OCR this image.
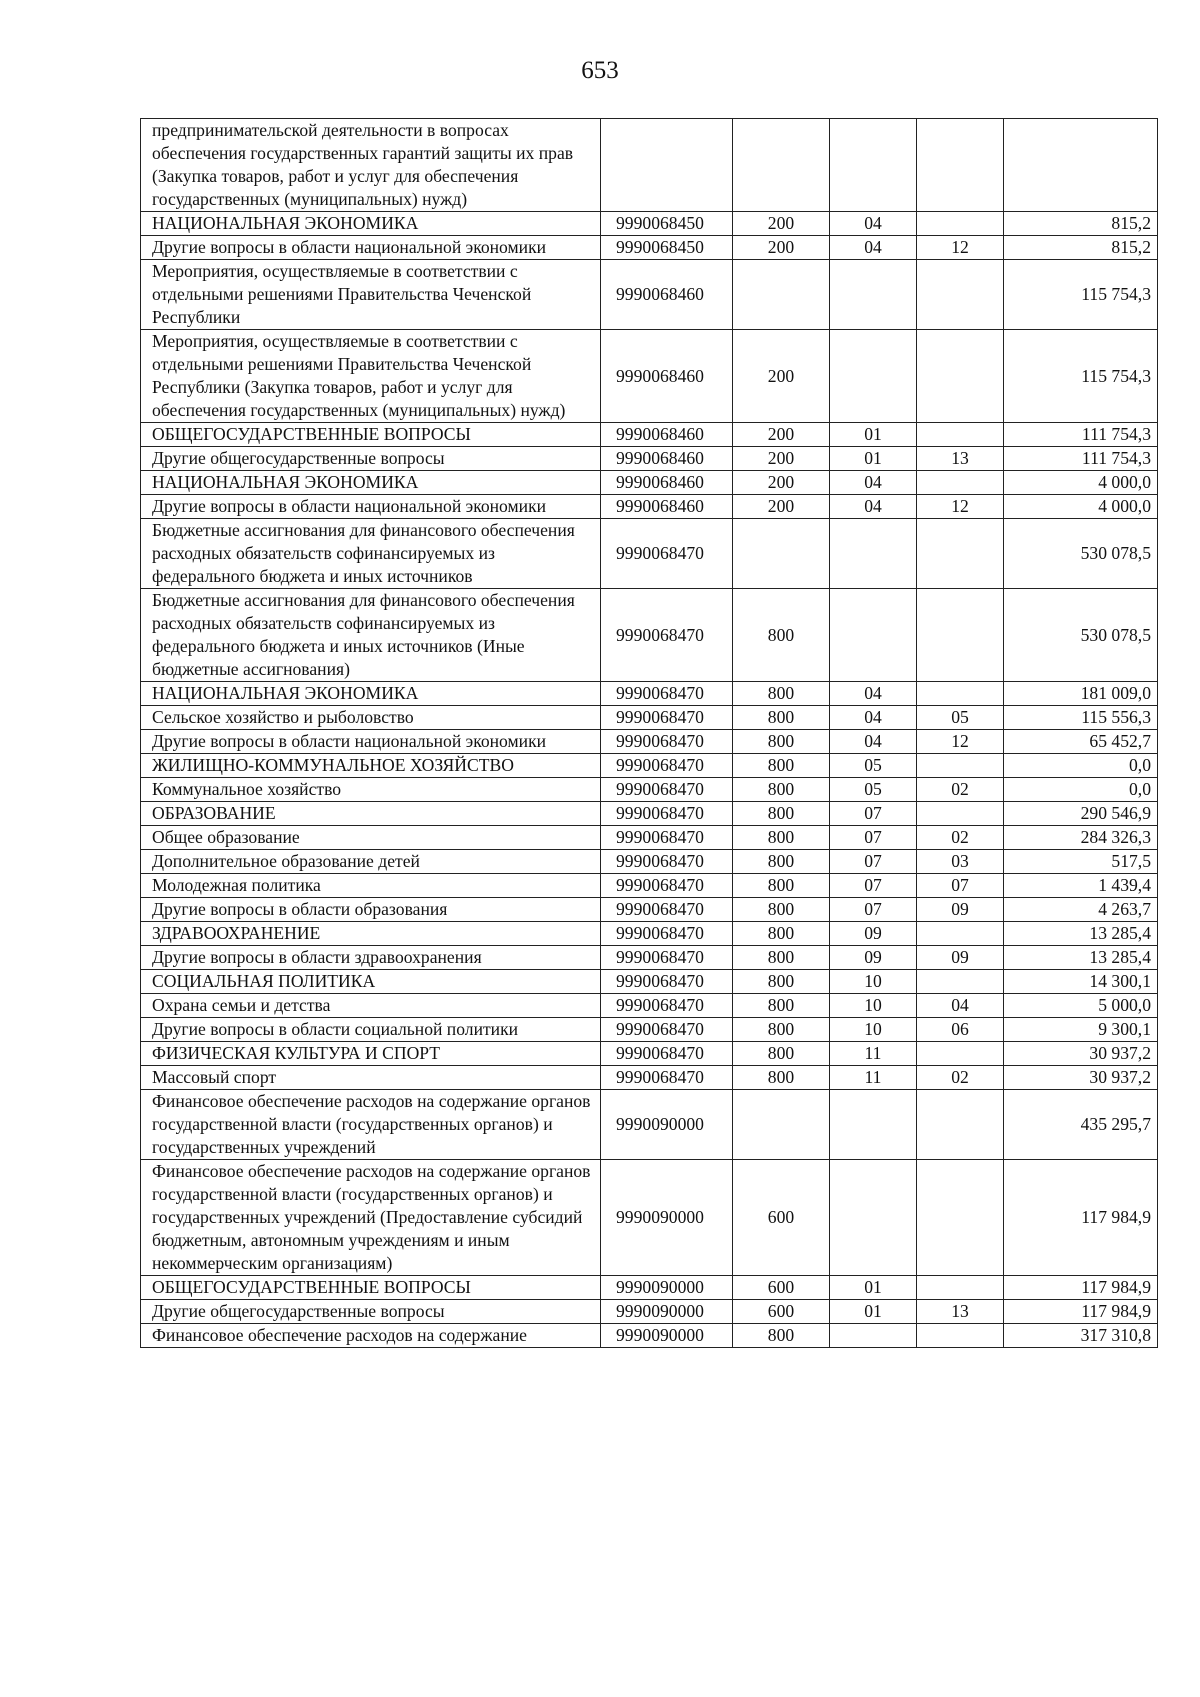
653
предпринимательской деятельности в вопросах обеспечения государственных гарантий защиты их прав (Закупка товаров, работ и услуг для обеспечения государственных (муниципальных) нужд)					
НАЦИОНАЛЬНАЯ ЭКОНОМИКА	9990068450	200	04		815,2
Другие вопросы в области национальной экономики	9990068450	200	04	12	815,2
Мероприятия, осуществляемые в соответствии с отдельными решениями Правительства Чеченской Республики	9990068460				115 754,3
Мероприятия, осуществляемые в соответствии с отдельными решениями Правительства Чеченской Республики (Закупка товаров, работ и услуг для обеспечения государственных (муниципальных) нужд)	9990068460	200			115 754,3
ОБЩЕГОСУДАРСТВЕННЫЕ ВОПРОСЫ	9990068460	200	01		111 754,3
Другие общегосударственные вопросы	9990068460	200	01	13	111 754,3
НАЦИОНАЛЬНАЯ ЭКОНОМИКА	9990068460	200	04		4 000,0
Другие вопросы в области национальной экономики	9990068460	200	04	12	4 000,0
Бюджетные ассигнования для финансового обеспечения расходных обязательств софинансируемых из федерального бюджета и иных источников	9990068470				530 078,5
Бюджетные ассигнования для финансового обеспечения расходных обязательств софинансируемых из федерального бюджета и иных источников (Иные бюджетные ассигнования)	9990068470	800			530 078,5
НАЦИОНАЛЬНАЯ ЭКОНОМИКА	9990068470	800	04		181 009,0
Сельское хозяйство и рыболовство	9990068470	800	04	05	115 556,3
Другие вопросы в области национальной экономики	9990068470	800	04	12	65 452,7
ЖИЛИЩНО-КОММУНАЛЬНОЕ ХОЗЯЙСТВО	9990068470	800	05		0,0
Коммунальное хозяйство	9990068470	800	05	02	0,0
ОБРАЗОВАНИЕ	9990068470	800	07		290 546,9
Общее образование	9990068470	800	07	02	284 326,3
Дополнительное образование детей	9990068470	800	07	03	517,5
Молодежная политика	9990068470	800	07	07	1 439,4
Другие вопросы в области образования	9990068470	800	07	09	4 263,7
ЗДРАВООХРАНЕНИЕ	9990068470	800	09		13 285,4
Другие вопросы в области здравоохранения	9990068470	800	09	09	13 285,4
СОЦИАЛЬНАЯ ПОЛИТИКА	9990068470	800	10		14 300,1
Охрана семьи и детства	9990068470	800	10	04	5 000,0
Другие вопросы в области социальной политики	9990068470	800	10	06	9 300,1
ФИЗИЧЕСКАЯ КУЛЬТУРА И СПОРТ	9990068470	800	11		30 937,2
Массовый спорт	9990068470	800	11	02	30 937,2
Финансовое обеспечение расходов на содержание органов государственной власти (государственных органов) и государственных учреждений	9990090000				435 295,7
Финансовое обеспечение расходов на содержание органов государственной власти (государственных органов) и государственных учреждений (Предоставление субсидий бюджетным, автономным учреждениям и иным некоммерческим организациям)	9990090000	600			117 984,9
ОБЩЕГОСУДАРСТВЕННЫЕ ВОПРОСЫ	9990090000	600	01		117 984,9
Другие общегосударственные вопросы	9990090000	600	01	13	117 984,9
Финансовое обеспечение расходов на содержание	9990090000	800			317 310,8
